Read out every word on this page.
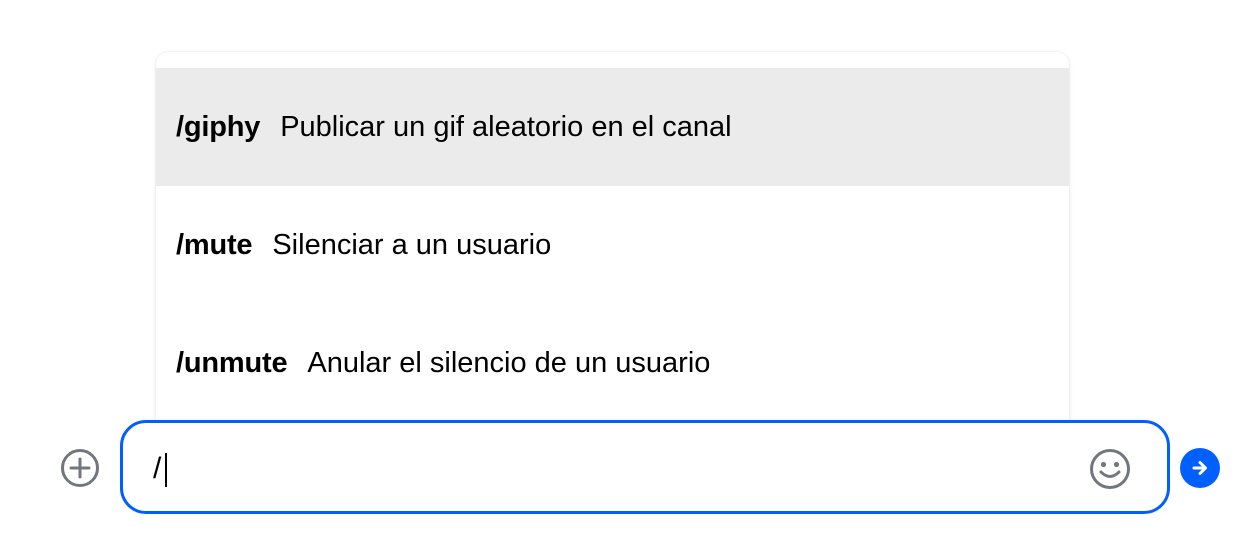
/giphy Publicar un gif aleatorio en el canal
/mute Silenciar a un usuario
/unmute Anular el silencio de un usuario
/
